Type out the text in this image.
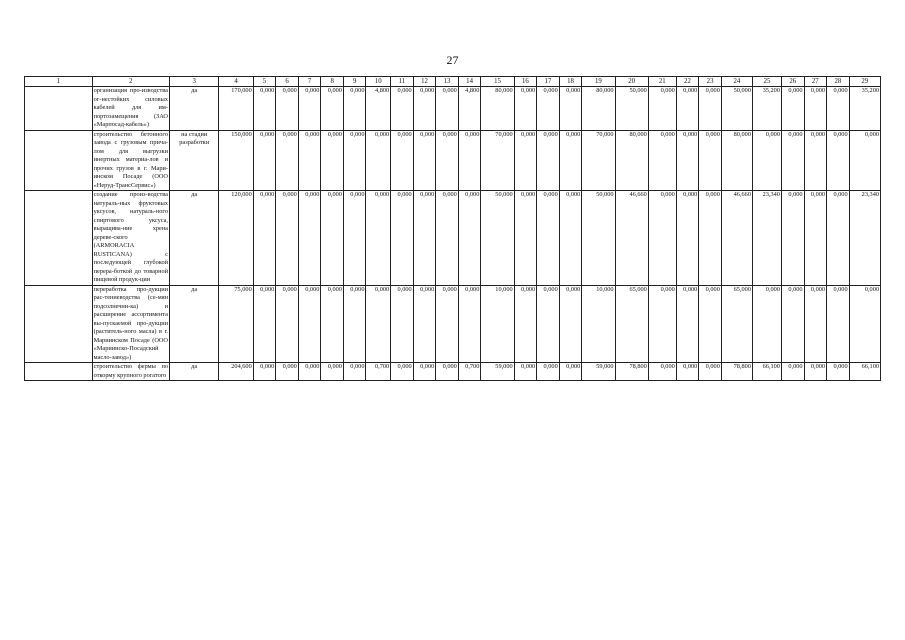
27
1	2	3	4	5	6	7	8	9	10	11	12	13	14	15	16	17	18	19	20	21	22	23	24	25	26	27	28	29
	организация про-изводства ог-нестойких силовых кабелей для им-портозамещения (ЗАО «Марпосад-кабель»)	да	170,000	0,000	0,000	0,000	0,000	0,000	4,800	0,000	0,000	0,000	4,800	80,000	0,000	0,000	0,000	80,000	50,000	0,000	0,000	0,000	50,000	35,200	0,000	0,000	0,000	35,200
	строительство бетонного завода с грузовым прича-лом для выгрузки инертных материа-лов и прочих грузов в г. Мари-инском Посаде (ООО «Неруд-ТрансСервис»)	на стадии разработки	150,000	0,000	0,000	0,000	0,000	0,000	0,000	0,000	0,000	0,000	0,000	70,000	0,000	0,000	0,000	70,000	80,000	0,000	0,000	0,000	80,000	0,000	0,000	0,000	0,000	0,000
	создание произ-водства натураль-ных фруктовых уксусов, натураль-ного спиртового уксуса, выращива-ние хрена дереве-ского (ARMORACIA RUSTICANA) с последующей глубокой перера-боткой до товарной пищевой продук-ции	да	120,000	0,000	0,000	0,000	0,000	0,000	0,000	0,000	0,000	0,000	0,000	50,000	0,000	0,000	0,000	50,000	46,660	0,000	0,000	0,000	46,660	23,340	0,000	0,000	0,000	23,340
	переработка про-дукции рас-тениеводства (се-мян подсолнечни-ка) и расширение ассортимента вы-пускаемой про-дукции (раститель-ного масла) в г. Мариинском Посаде (ООО «Мариинско-Посадский масло-завод»)	да	75,000	0,000	0,000	0,000	0,000	0,000	0,000	0,000	0,000	0,000	0,000	10,000	0,000	0,000	0,000	10,000	65,000	0,000	0,000	0,000	65,000	0,000	0,000	0,000	0,000	0,000
	строительство фермы по откорму крупного рогатого	да	204,600	0,000	0,000	0,000	0,000	0,000	0,700	0,000	0,000	0,000	0,700	59,000	0,000	0,000	0,000	59,000	78,800	0,000	0,000	0,000	78,800	66,100	0,000	0,000	0,000	66,100
